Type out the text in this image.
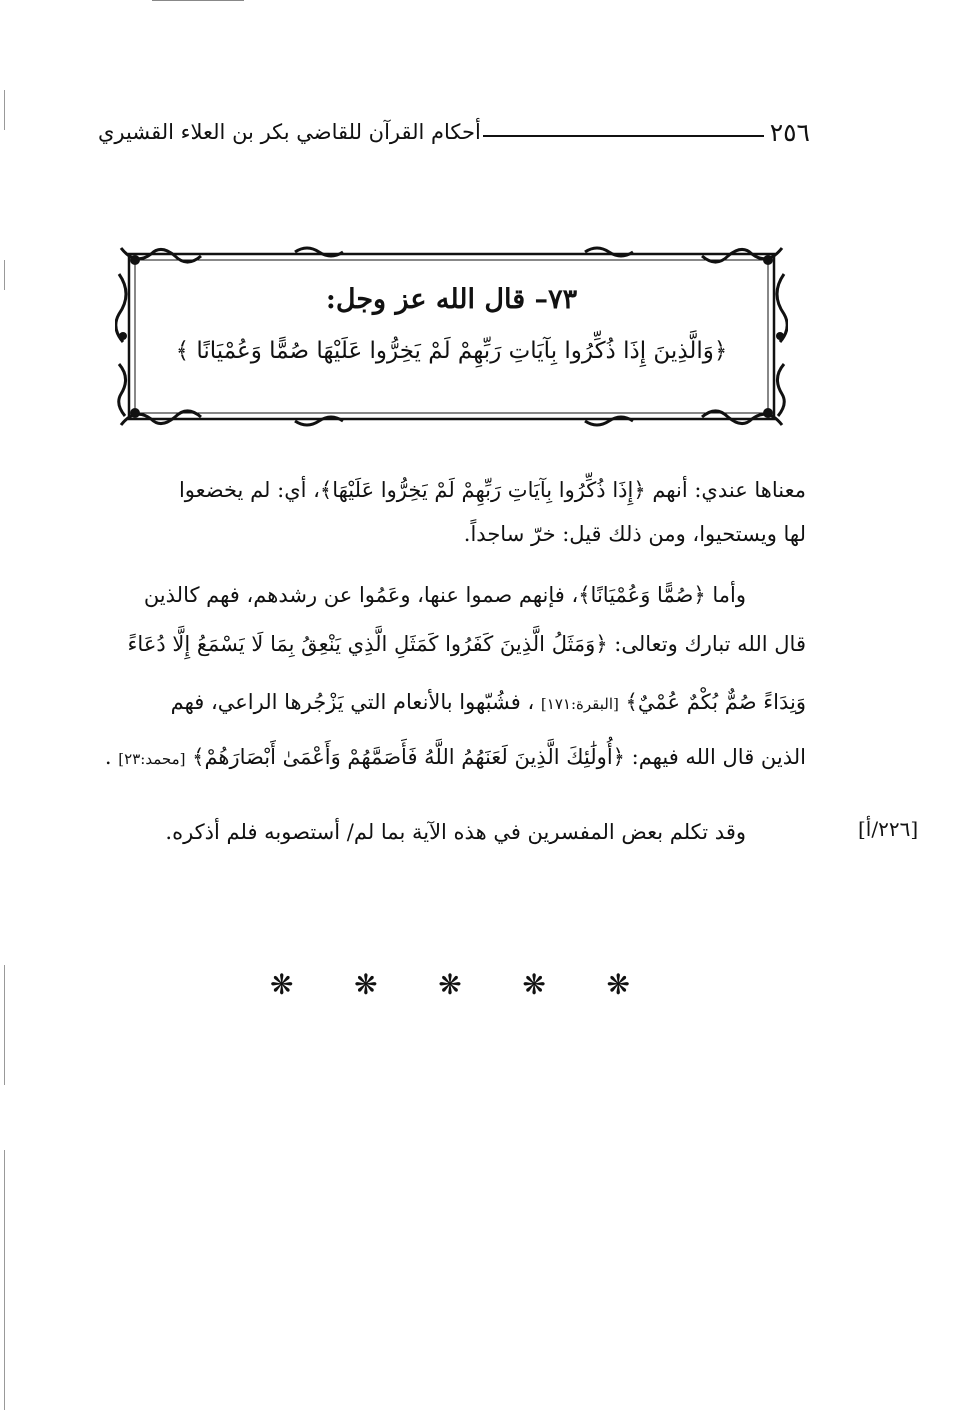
٢٥٦
أحكام القرآن للقاضي بكر بن العلاء القشيري
٧٣– قال الله عز وجل:
﴿وَالَّذِينَ إِذَا ذُكِّرُوا بِآيَاتِ رَبِّهِمْ لَمْ يَخِرُّوا عَلَيْهَا صُمًّا وَعُمْيَانًا ﴾
معناها عندي: أنهم ﴿إِذَا ذُكِّرُوا بِآيَاتِ رَبِّهِمْ لَمْ يَخِرُّوا عَلَيْهَا﴾، أي: لم يخضعوا
لها ويستحيوا، ومن ذلك قيل: خرّ ساجداً.
وأما ﴿صُمًّا وَعُمْيَانًا﴾، فإنهم صموا عنها، وعَمُوا عن رشدهم، فهم كالذين
قال الله تبارك وتعالى: ﴿وَمَثَلُ الَّذِينَ كَفَرُوا كَمَثَلِ الَّذِي يَنْعِقُ بِمَا لَا يَسْمَعُ إِلَّا دُعَاءً
وَنِدَاءً صُمٌّ بُكْمٌ عُمْيٌ﴾ [البقرة:١٧١] ، فشُبّهوا بالأنعام التي يَزْجُرها الراعي، فهم
الذين قال الله فيهم: ﴿أُولَٰئِكَ الَّذِينَ لَعَنَهُمُ اللَّهُ فَأَصَمَّهُمْ وَأَعْمَىٰ أَبْصَارَهُمْ﴾ [محمد:٢٣] .
وقد تكلم بعض المفسرين في هذه الآية بما لم/ أستصوبه فلم أذكره.	[٢٢٦/أ]
❋ ❋ ❋ ❋ ❋
